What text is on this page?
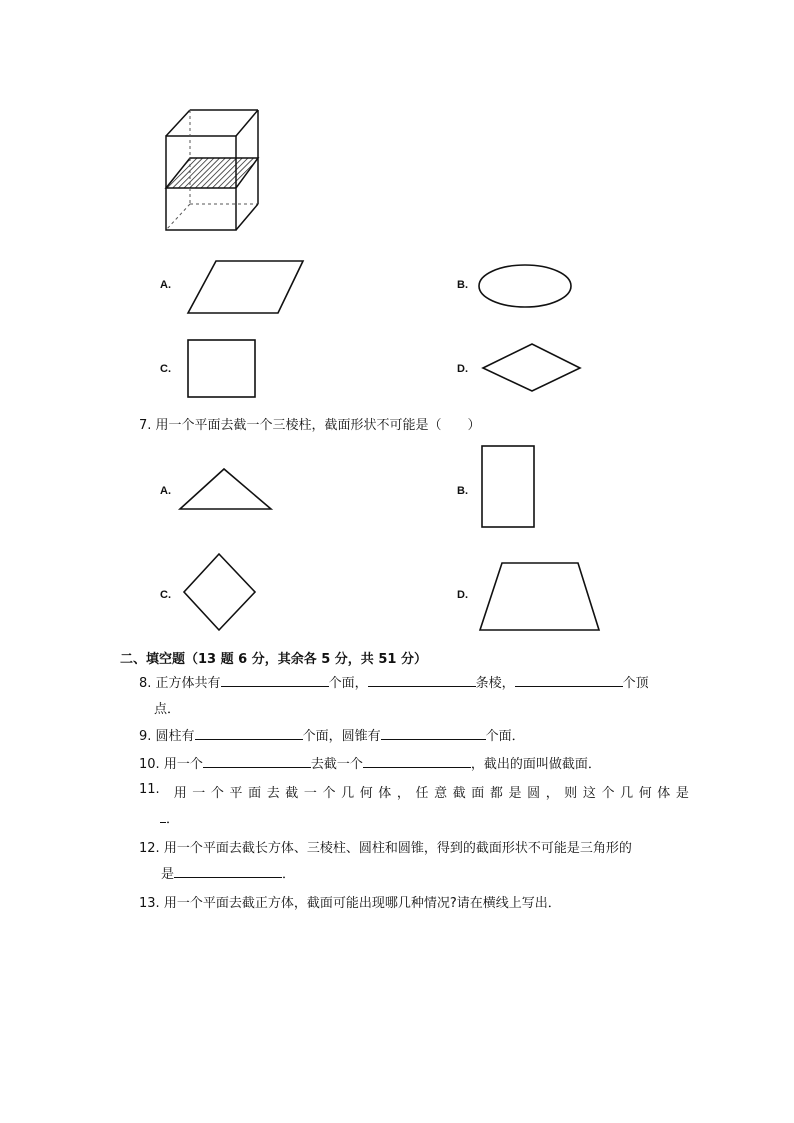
A.	B.
C.	D.
7. 用一个平面去截一个三棱柱，截面形状不可能是（　　）
A.	B.
C.	D.
二、填空题（13 题 6 分，其余各 5 分，共 51 分）
8. 正方体共有	个面，	条棱，	个顶
点．
9. 圆柱有	个面，圆锥有	个面．
10. 用一个	去截一个	，截出的面叫做截面．
11. 用一个平面去截一个几何体，任意截面都是圆，则这个几何体是
．
12. 用一个平面去截长方体、三棱柱、圆柱和圆锥，得到的截面形状不可能是三角形的
是	．
13. 用一个平面去截正方体，截面可能出现哪几种情况?请在横线上写出．
